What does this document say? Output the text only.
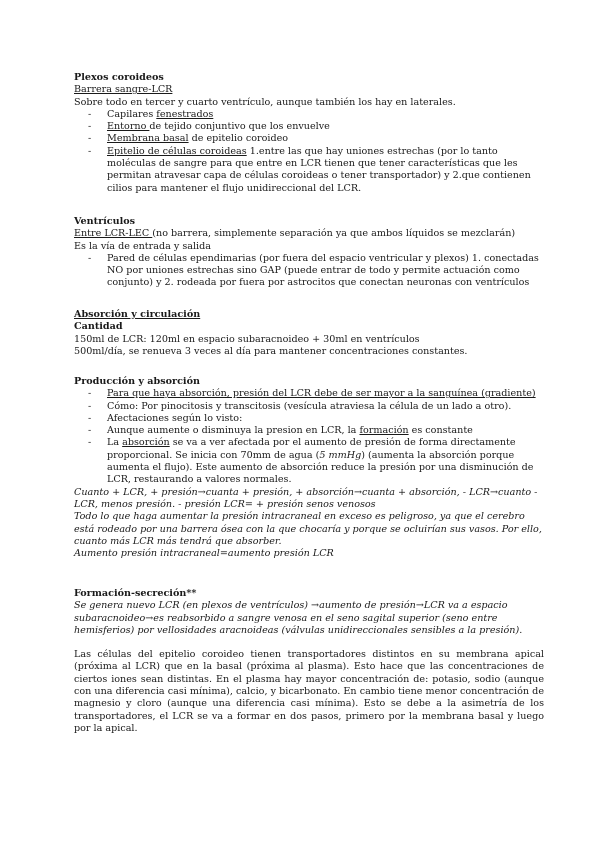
Plexos coroideos
Barrera sangre-LCR
Sobre todo en tercer y cuarto ventrículo, aunque también los hay en laterales.
- Capilares fenestrados
- Entorno de tejido conjuntivo que los envuelve
- Membrana basal de epitelio coroideo
- Epitelio de células coroideas 1.entre las que hay uniones estrechas (por lo tanto moléculas de sangre para que entre en LCR tienen que tener características que les permitan atravesar capa de células coroideas o tener transportador) y 2.que contienen cilios para mantener el flujo unidireccional del LCR.
Ventrículos
Entre LCR-LEC (no barrera, simplemente separación ya que ambos líquidos se mezclarán)
Es la vía de entrada y salida
- Pared de células ependimarias (por fuera del espacio ventricular y plexos) 1. conectadas NO por uniones estrechas sino GAP (puede entrar de todo y permite actuación como conjunto) y 2. rodeada por fuera por astrocitos que conectan neuronas con ventrículos
Absorción y circulación
Cantidad
150ml de LCR: 120ml en espacio subaracnoideo + 30ml en ventrículos
500ml/día, se renueva 3 veces al día para mantener concentraciones constantes.
Producción y absorción
- Para que haya absorción, presión del LCR debe de ser mayor a la sanguínea (gradiente)
- Cómo: Por pinocitosis y transcitosis (vesícula atraviesa la célula de un lado a otro).
- Afectaciones según lo visto:
- Aunque aumente o disminuya la presion en LCR, la formación es constante
- La absorción se va a ver afectada por el aumento de presión de forma directamente proporcional. Se inicia con 70mm de agua (5 mmHg) (aumenta la absorción porque aumenta el flujo). Este aumento de absorción reduce la presión por una disminución de LCR, restaurando a valores normales.
Cuanto + LCR, + presión→cuanta + presión, + absorción→cuanta + absorción, - LCR→cuanto - LCR, menos presión. - presión LCR= + presión senos venosos
Todo lo que haga aumentar la presión intracraneal en exceso es peligroso, ya que el cerebro está rodeado por una barrera ósea con la que chocaría y porque se ocluirían sus vasos. Por ello, cuanto más LCR más tendrá que absorber.
Aumento presión intracraneal=aumento presión LCR
Formación-secreción**
Se genera nuevo LCR (en plexos de ventrículos) →aumento de presión→LCR va a espacio subaracnoideo→es reabsorbido a sangre venosa en el seno sagital superior (seno entre hemisferios) por vellosidades aracnoideas (válvulas unidireccionales sensibles a la presión).

Las células del epitelio coroideo tienen transportadores distintos en su membrana apical (próxima al LCR) que en la basal (próxima al plasma). Esto hace que las concentraciones de ciertos iones sean distintas. En el plasma hay mayor concentración de: potasio, sodio (aunque con una diferencia casi mínima), calcio, y bicarbonato. En cambio tiene menor concentración de magnesio y cloro (aunque una diferencia casi mínima). Esto se debe a la asimetría de los transportadores, el LCR se va a formar en dos pasos, primero por la membrana basal y luego por la apical.
